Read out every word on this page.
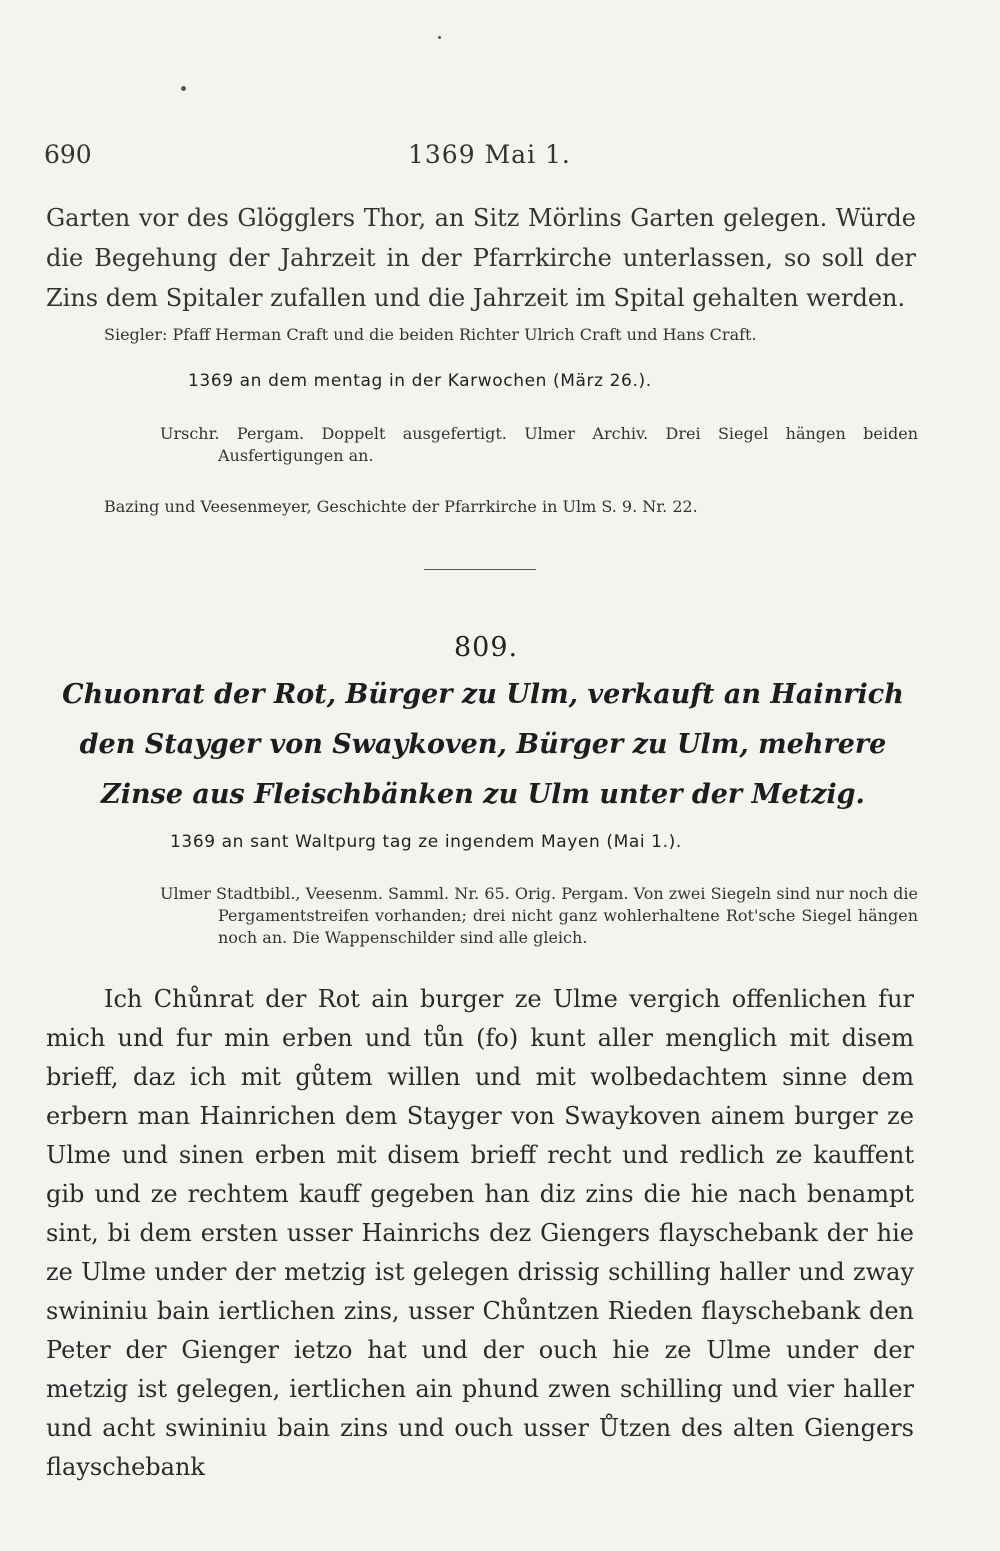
690	1369 Mai 1.

Garten vor des Glögglers Thor, an Sitz Mörlins Garten gelegen. Würde die Begehung der Jahrzeit in der Pfarrkirche unterlassen, so soll der Zins dem Spitaler zufallen und die Jahrzeit im Spital gehalten werden.

Siegler: Pfaff Herman Craft und die beiden Richter Ulrich Craft und Hans Craft.
1369 an dem mentag in der Karwochen (März 26.).
Urschr. Pergam. Doppelt ausgefertigt. Ulmer Archiv. Drei Siegel hängen beiden Ausfertigungen an.
Bazing und Veesenmeyer, Geschichte der Pfarrkirche in Ulm S. 9. Nr. 22.
809.
Chuonrat der Rot, Bürger zu Ulm, verkauft an Hainrich den Stayger von Swaykoven, Bürger zu Ulm, mehrere Zinse aus Fleischbänken zu Ulm unter der Metzig.
1369 an sant Waltpurg tag ze ingendem Mayen (Mai 1.).
Ulmer Stadtbibl., Veesenm. Samml. Nr. 65. Orig. Pergam. Von zwei Siegeln sind nur noch die Pergamentstreifen vorhanden; drei nicht ganz wohlerhaltene Rot'sche Siegel hängen noch an. Die Wappenschilder sind alle gleich.

Ich Chůnrat der Rot ain burger ze Ulme vergich offenlichen fur mich und fur min erben und tůn (fo) kunt aller menglich mit disem brieff, daz ich mit gůtem willen und mit wolbedachtem sinne dem erbern man Hainrichen dem Stayger von Swaykoven ainem burger ze Ulme und sinen erben mit disem brieff recht und redlich ze kauffent gib und ze rechtem kauff gegeben han diz zins die hie nach benampt sint, bi dem ersten usser Hainrichs dez Giengers flayschebank der hie ze Ulme under der metzig ist gelegen drissig schilling haller und zway swininiu bain iertlichen zins, usser Chůntzen Rieden flayschebank den Peter der Gienger ietzo hat und der ouch hie ze Ulme under der metzig ist gelegen, iertlichen ain phund zwen schilling und vier haller und acht swininiu bain zins und ouch usser Ůtzen des alten Giengers flayschebank
